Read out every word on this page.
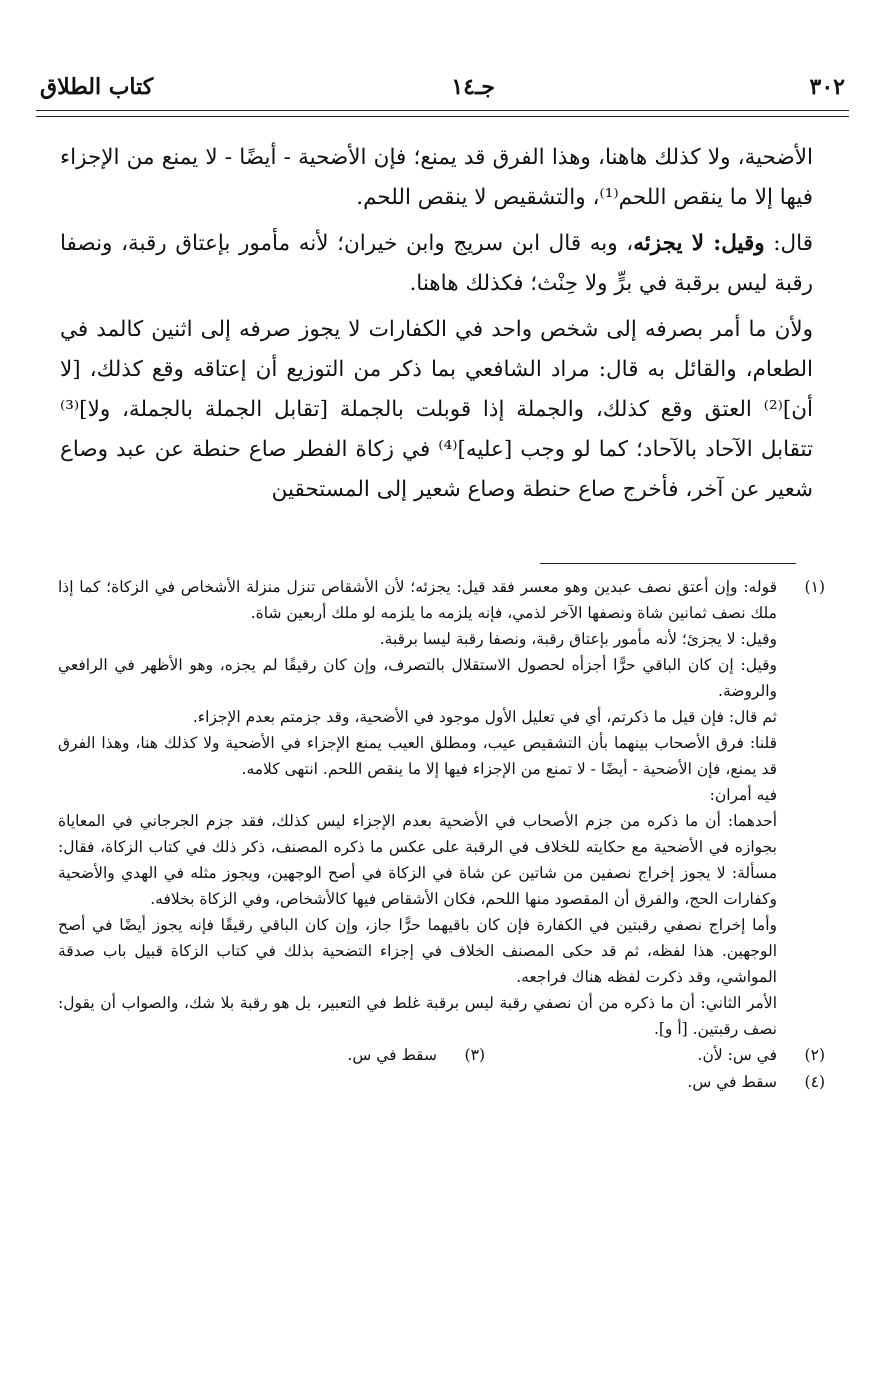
٣٠٢
جـ١٤
كتاب الطلاق

الأضحية، ولا كذلك هاهنا، وهذا الفرق قد يمنع؛ فإن الأضحية - أيضًا - لا يمنع من الإجزاء فيها إلا ما ينقص اللحم⁽¹⁾، والتشقيص لا ينقص اللحم.

قال: وقيل: لا يجزئه، وبه قال ابن سريج وابن خيران؛ لأنه مأمور بإعتاق رقبة، ونصفا رقبة ليس برقبة في برٍّ ولا حِنْث؛ فكذلك هاهنا.

ولأن ما أمر بصرفه إلى شخص واحد في الكفارات لا يجوز صرفه إلى اثنين كالمد في الطعام، والقائل به قال: مراد الشافعي بما ذكر من التوزيع أن إعتاقه وقع كذلك، [لا أن]⁽²⁾ العتق وقع كذلك، والجملة إذا قوبلت بالجملة [تقابل الجملة بالجملة، ولا]⁽³⁾ تتقابل الآحاد بالآحاد؛ كما لو وجب [عليه]⁽⁴⁾ في زكاة الفطر صاع حنطة عن عبد وصاع شعير عن آخر، فأخرج صاع حنطة وصاع شعير إلى المستحقين

(١)

قوله: وإن أعتق نصف عبدين وهو معسر فقد قيل: يجزئه؛ لأن الأشقاص تنزل منزلة الأشخاص في الزكاة؛ كما إذا ملك نصف ثمانين شاة ونصفها الآخر لذمي، فإنه يلزمه ما يلزمه لو ملك أربعين شاة.

وقيل: لا يجزئ؛ لأنه مأمور بإعتاق رقبة، ونصفا رقبة ليسا برقبة.

وقيل: إن كان الباقي حرًّا أجزأه لحصول الاستقلال بالتصرف، وإن كان رقيقًا لم يجزه، وهو الأظهر في الرافعي والروضة.

ثم قال: فإن قيل ما ذكرتم، أي في تعليل الأول موجود في الأضحية، وقد جزمتم بعدم الإجزاء.

قلنا: فرق الأصحاب بينهما بأن التشقيص عيب، ومطلق العيب يمنع الإجزاء في الأضحية ولا كذلك هنا، وهذا الفرق قد يمنع، فإن الأضحية - أيضًا - لا تمنع من الإجزاء فيها إلا ما ينقص اللحم. انتهى كلامه.

فيه أمران:

أحدهما: أن ما ذكره من جزم الأصحاب في الأضحية بعدم الإجزاء ليس كذلك، فقد جزم الجرجاني في المعاياة بجوازه في الأضحية مع حكايته للخلاف في الرقبة على عكس ما ذكره المصنف، ذكر ذلك في كتاب الزكاة، فقال: مسألة: لا يجوز إخراج نصفين من شاتين عن شاة في الزكاة في أصح الوجهين، ويجوز مثله في الهدي والأضحية وكفارات الحج، والفرق أن المقصود منها اللحم، فكان الأشقاص فيها كالأشخاص، وفي الزكاة بخلافه.

وأما إخراج نصفي رقبتين في الكفارة فإن كان باقيهما حرًّا جاز، وإن كان الباقي رقيقًا فإنه يجوز أيضًا في أصح الوجهين. هذا لفظه، ثم قد حكى المصنف الخلاف في إجزاء التضحية بذلك في كتاب الزكاة قبيل باب صدقة المواشي، وقد ذكرت لفظه هناك فراجعه.

الأمر الثاني: أن ما ذكره من أن نصفي رقبة ليس برقبة غلط في التعبير، بل هو رقبة بلا شك، والصواب أن يقول: نصف رقبتين. [أ و].

(٢)في س: لأن.
(٣)سقط في س.
(٤)سقط في س.
